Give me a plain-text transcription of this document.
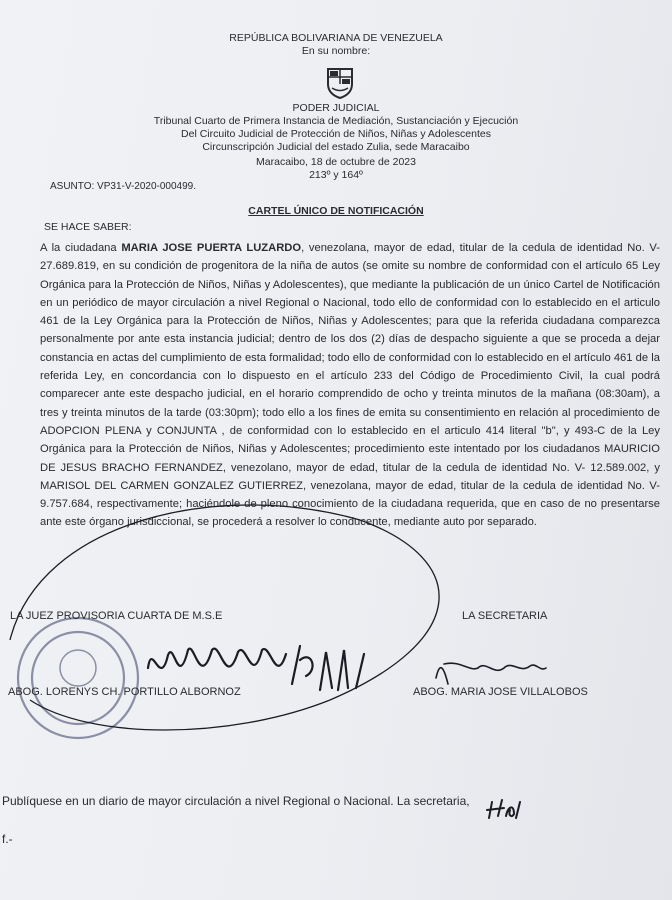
REPÚBLICA BOLIVARIANA DE VENEZUELA
En su nombre:
PODER JUDICIAL
Tribunal Cuarto de Primera Instancia de Mediación, Sustanciación y Ejecución
Del Circuito Judicial de Protección de Niños, Niñas y Adolescentes
Circunscripción Judicial del estado Zulia, sede Maracaibo
Maracaibo, 18 de octubre de 2023
213º y 164º
ASUNTO: VP31-V-2020-000499.
CARTEL ÚNICO DE NOTIFICACIÓN
SE HACE SABER:

A la ciudadana MARIA JOSE PUERTA LUZARDO, venezolana, mayor de edad, titular de la cedula de identidad No. V- 27.689.819, en su condición de progenitora de la niña de autos (se omite su nombre de conformidad con el artículo 65 Ley Orgánica para la Protección de Niños, Niñas y Adolescentes), que mediante la publicación de un único Cartel de Notificación en un periódico de mayor circulación a nivel Regional o Nacional, todo ello de conformidad con lo establecido en el articulo 461 de la Ley Orgánica para la Protección de Niños, Niñas y Adolescentes; para que la referida ciudadana comparezca personalmente por ante esta instancia judicial; dentro de los dos (2) días de despacho siguiente a que se proceda a dejar constancia en actas del cumplimiento de esta formalidad; todo ello de conformidad con lo establecido en el artículo 461 de la referida Ley, en concordancia con lo dispuesto en el artículo 233 del Código de Procedimiento Civil, la cual podrá comparecer ante este despacho judicial, en el horario comprendido de ocho y treinta minutos de la mañana (08:30am), a tres y treinta minutos de la tarde (03:30pm); todo ello a los fines de emita su consentimiento en relación al procedimiento de ADOPCION PLENA y CONJUNTA , de conformidad con lo establecido en el articulo 414 literal "b", y 493-C de la Ley Orgánica para la Protección de Niños, Niñas y Adolescentes; procedimiento este intentado por los ciudadanos MAURICIO DE JESUS BRACHO FERNANDEZ, venezolano, mayor de edad, titular de la cedula de identidad No. V- 12.589.002, y MARISOL DEL CARMEN GONZALEZ GUTIERREZ, venezolana, mayor de edad, titular de la cedula de identidad No. V- 9.757.684, respectivamente; haciéndole de pleno conocimiento de la ciudadana requerida, que en caso de no presentarse ante este órgano jurisdiccional, se procederá a resolver lo conducente, mediante auto por separado.

LA JUEZ PROVISORIA CUARTA DE M.S.E	LA SECRETARIA
ABOG. LORENYS CH. PORTILLO ALBORNOZ	ABOG. MARIA JOSE VILLALOBOS
Publíquese en un diario de mayor circulación a nivel Regional o Nacional. La secretaria,
f.-
